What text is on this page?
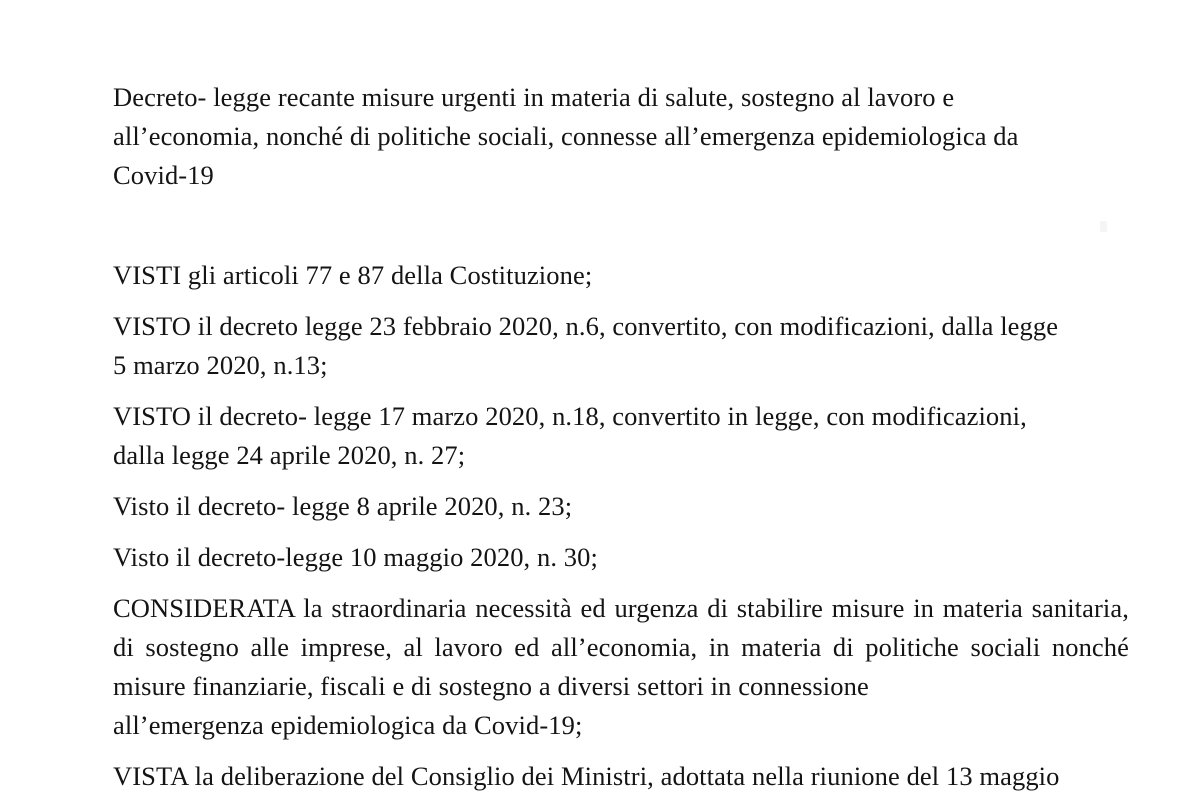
Decreto- legge recante misure urgenti in materia di salute, sostegno al lavoro e
all’economia, nonché di politiche sociali, connesse all’emergenza epidemiologica da
Covid-19

VISTI gli articoli 77 e 87 della Costituzione;

VISTO il decreto legge 23 febbraio 2020, n.6, convertito, con modificazioni, dalla legge
5 marzo 2020, n.13;

VISTO il decreto- legge 17 marzo 2020, n.18, convertito in legge, con modificazioni,
dalla legge 24 aprile 2020, n. 27;

Visto il decreto- legge 8 aprile 2020, n. 23;

Visto il decreto-legge 10 maggio 2020, n. 30;

CONSIDERATA la straordinaria necessità ed urgenza di stabilire misure in materia sanitaria, di sostegno alle imprese, al lavoro ed all’economia, in materia di politiche sociali nonché misure finanziarie, fiscali e di sostegno a diversi settori in connessione
all’emergenza epidemiologica da Covid-19;

VISTA la deliberazione del Consiglio dei Ministri, adottata nella riunione del 13 maggio
